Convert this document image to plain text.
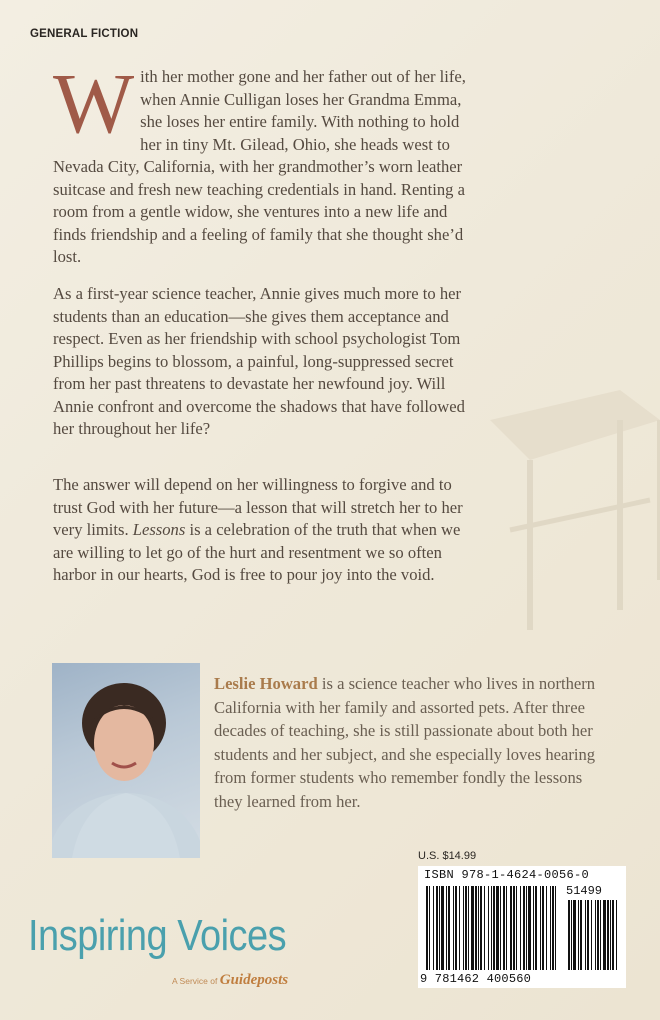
GENERAL FICTION

With her mother gone and her father out of her life, when Annie Culligan loses her Grandma Emma, she loses her entire family. With nothing to hold her in tiny Mt. Gilead, Ohio, she heads west to Nevada City, California, with her grandmother’s worn leather suitcase and fresh new teaching credentials in hand. Renting a room from a gentle widow, she ventures into a new life and finds friendship and a feeling of family that she thought she’d lost.

As a first-year science teacher, Annie gives much more to her students than an education—she gives them acceptance and respect. Even as her friendship with school psychologist Tom Phillips begins to blossom, a painful, long-suppressed secret from her past threatens to devastate her newfound joy. Will Annie confront and overcome the shadows that have followed her throughout her life?

The answer will depend on her willingness to forgive and to trust God with her future—a lesson that will stretch her to her very limits. Lessons is a celebration of the truth that when we are willing to let go of the hurt and resentment we so often harbor in our hearts, God is free to pour joy into the void.

Leslie Howard is a science teacher who lives in northern California with her family and assorted pets. After three decades of teaching, she is still passionate about both her students and her subject, and she especially loves hearing from former students who remember fondly the lessons they learned from her.
U.S. $14.99
ISBN 978-1-4624-0056-0
51499
9 781462 400560
Inspiring Voices
A Service of Guideposts
